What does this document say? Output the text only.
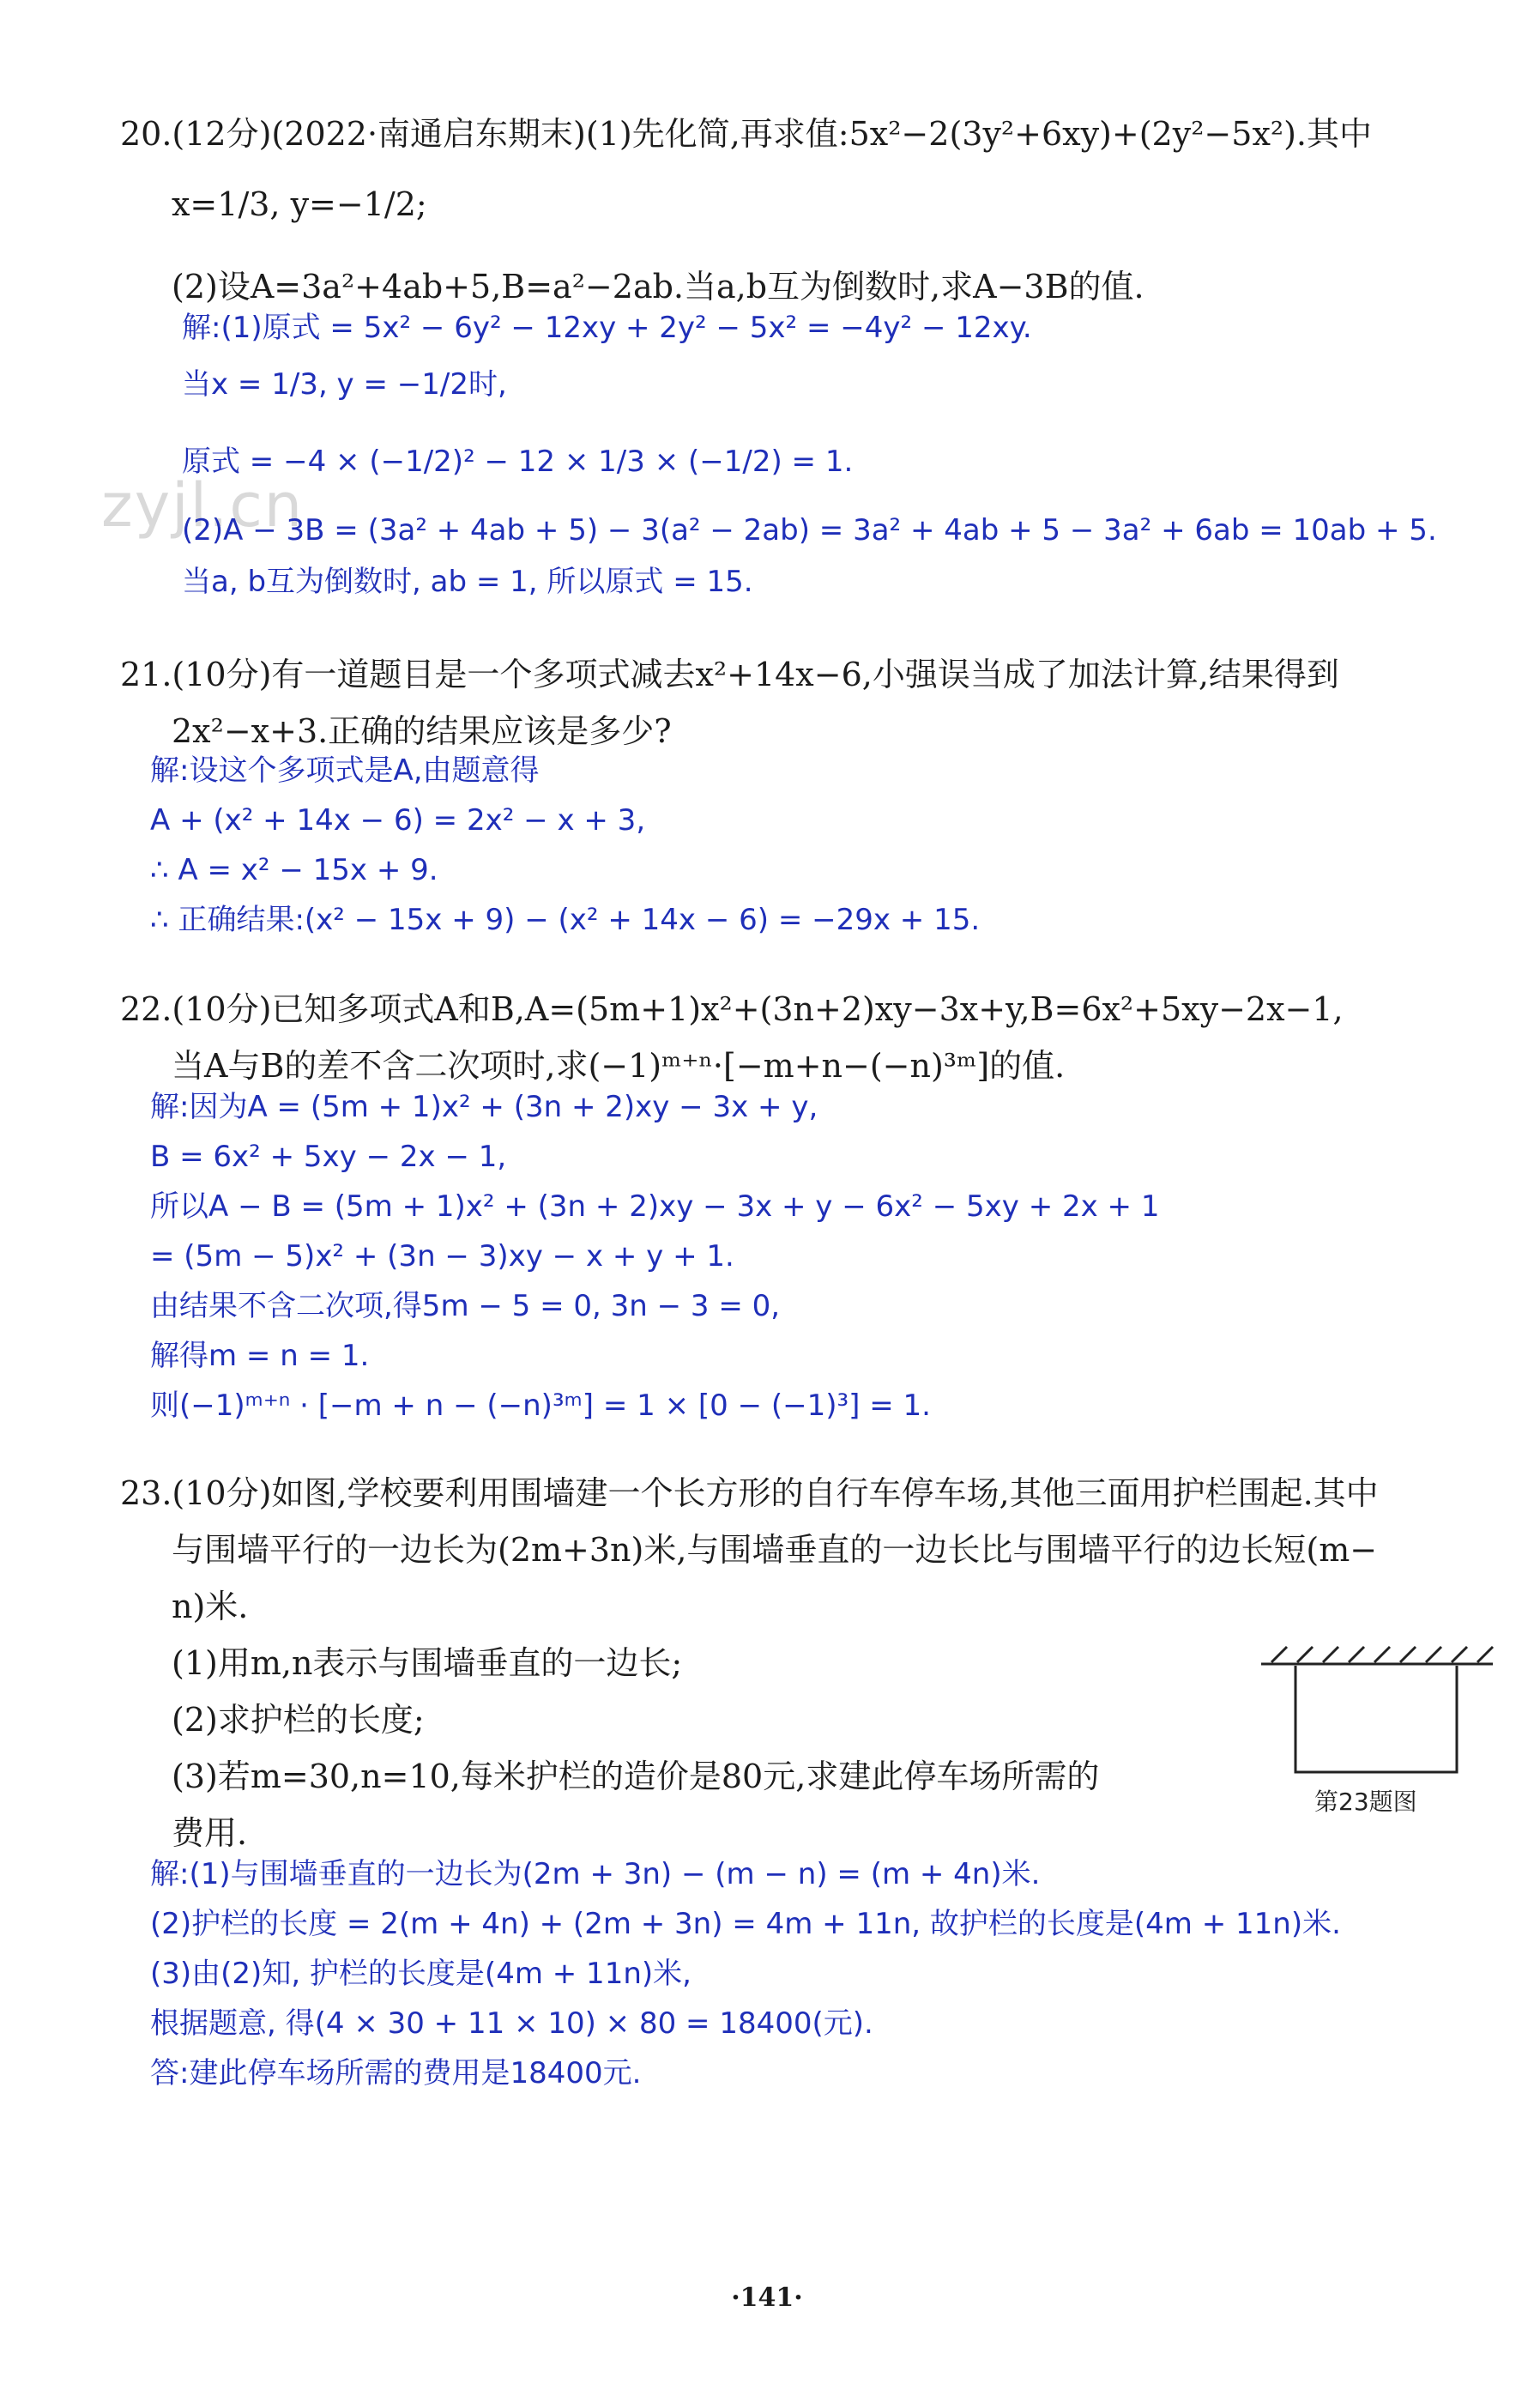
zyjl.cn
20.(12分)(2022·南通启东期末)(1)先化简,再求值:5x²−2(3y²+6xy)+(2y²−5x²).其中
x=1/3, y=−1/2;
(2)设A=3a²+4ab+5,B=a²−2ab.当a,b互为倒数时,求A−3B的值.
解:(1)原式 = 5x² − 6y² − 12xy + 2y² − 5x² = −4y² − 12xy.
当x = 1/3, y = −1/2时,
原式 = −4 × (−1/2)² − 12 × 1/3 × (−1/2) = 1.
(2)A − 3B = (3a² + 4ab + 5) − 3(a² − 2ab) = 3a² + 4ab + 5 − 3a² + 6ab = 10ab + 5.
当a, b互为倒数时, ab = 1, 所以原式 = 15.
21.(10分)有一道题目是一个多项式减去x²+14x−6,小强误当成了加法计算,结果得到
2x²−x+3.正确的结果应该是多少?
解:设这个多项式是A,由题意得
A + (x² + 14x − 6) = 2x² − x + 3,
∴ A = x² − 15x + 9.
∴ 正确结果:(x² − 15x + 9) − (x² + 14x − 6) = −29x + 15.
22.(10分)已知多项式A和B,A=(5m+1)x²+(3n+2)xy−3x+y,B=6x²+5xy−2x−1,
当A与B的差不含二次项时,求(−1)ᵐ⁺ⁿ·[−m+n−(−n)³ᵐ]的值.
解:因为A = (5m + 1)x² + (3n + 2)xy − 3x + y,
B = 6x² + 5xy − 2x − 1,
所以A − B = (5m + 1)x² + (3n + 2)xy − 3x + y − 6x² − 5xy + 2x + 1
= (5m − 5)x² + (3n − 3)xy − x + y + 1.
由结果不含二次项,得5m − 5 = 0, 3n − 3 = 0,
解得m = n = 1.
则(−1)ᵐ⁺ⁿ · [−m + n − (−n)³ᵐ] = 1 × [0 − (−1)³] = 1.
23.(10分)如图,学校要利用围墙建一个长方形的自行车停车场,其他三面用护栏围起.其中
与围墙平行的一边长为(2m+3n)米,与围墙垂直的一边长比与围墙平行的边长短(m−
n)米.
(1)用m,n表示与围墙垂直的一边长;
(2)求护栏的长度;
(3)若m=30,n=10,每米护栏的造价是80元,求建此停车场所需的
费用.
第23题图
解:(1)与围墙垂直的一边长为(2m + 3n) − (m − n) = (m + 4n)米.
(2)护栏的长度 = 2(m + 4n) + (2m + 3n) = 4m + 11n, 故护栏的长度是(4m + 11n)米.
(3)由(2)知, 护栏的长度是(4m + 11n)米,
根据题意, 得(4 × 30 + 11 × 10) × 80 = 18400(元).
答:建此停车场所需的费用是18400元.
·141·
